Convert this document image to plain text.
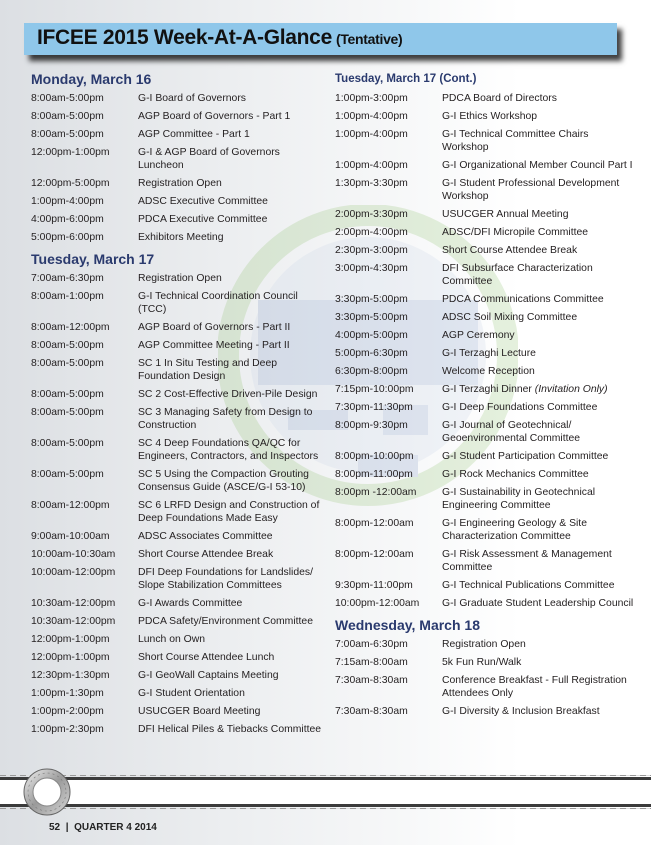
IFCEE 2015 Week-At-A-Glance (Tentative)
Monday, March 16
8:00am-5:00pm	G-I Board of Governors
8:00am-5:00pm	AGP Board of Governors - Part 1
8:00am-5:00pm	AGP Committee - Part 1
12:00pm-1:00pm	G-I & AGP Board of Governors Luncheon
12:00pm-5:00pm	Registration Open
1:00pm-4:00pm	ADSC Executive Committee
4:00pm-6:00pm	PDCA Executive Committee
5:00pm-6:00pm	Exhibitors Meeting
Tuesday, March 17
7:00am-6:30pm	Registration Open
8:00am-1:00pm	G-I Technical Coordination Council (TCC)
8:00am-12:00pm	AGP Board of Governors - Part II
8:00am-5:00pm	AGP Committee Meeting - Part II
8:00am-5:00pm	SC 1 In Situ Testing and Deep Foundation Design
8:00am-5:00pm	SC 2 Cost-Effective Driven-Pile Design
8:00am-5:00pm	SC 3 Managing Safety from Design to Construction
8:00am-5:00pm	SC 4 Deep Foundations QA/QC for Engineers, Contractors, and Inspectors
8:00am-5:00pm	SC 5 Using the Compaction Grouting Consensus Guide (ASCE/G-I 53-10)
8:00am-12:00pm	SC 6 LRFD Design and Construction of Deep Foundations Made Easy
9:00am-10:00am	ADSC Associates Committee
10:00am-10:30am	Short Course Attendee Break
10:00am-12:00pm	DFI Deep Foundations for Landslides/ Slope Stabilization Committees
10:30am-12:00pm	G-I Awards Committee
10:30am-12:00pm	PDCA Safety/Environment Committee
12:00pm-1:00pm	Lunch on Own
12:00pm-1:00pm	Short Course Attendee Lunch
12:30pm-1:30pm	G-I GeoWall Captains Meeting
1:00pm-1:30pm	G-I Student Orientation
1:00pm-2:00pm	USUCGER Board Meeting
1:00pm-2:30pm	DFI Helical Piles & Tiebacks Committee
Tuesday, March 17 (Cont.)
1:00pm-3:00pm	PDCA Board of Directors
1:00pm-4:00pm	G-I Ethics Workshop
1:00pm-4:00pm	G-I Technical Committee Chairs Workshop
1:00pm-4:00pm	G-I Organizational Member Council Part I
1:30pm-3:30pm	G-I Student Professional Development Workshop
2:00pm-3:30pm	USUCGER Annual Meeting
2:00pm-4:00pm	ADSC/DFI Micropile Committee
2:30pm-3:00pm	Short Course Attendee Break
3:00pm-4:30pm	DFI Subsurface Characterization Committee
3:30pm-5:00pm	PDCA Communications Committee
3:30pm-5:00pm	ADSC Soil Mixing Committee
4:00pm-5:00pm	AGP Ceremony
5:00pm-6:30pm	G-I Terzaghi Lecture
6:30pm-8:00pm	Welcome Reception
7:15pm-10:00pm	G-I Terzaghi Dinner (Invitation Only)
7:30pm-11:30pm	G-I Deep Foundations Committee
8:00pm-9:30pm	G-I Journal of Geotechnical/ Geoenvironmental Committee
8:00pm-10:00pm	G-I Student Participation Committee
8:00pm-11:00pm	G-I Rock Mechanics Committee
8:00pm -12:00am	G-I Sustainability in Geotechnical Engineering Committee
8:00pm-12:00am	G-I Engineering Geology & Site Characterization Committee
8:00pm-12:00am	G-I Risk Assessment & Management Committee
9:30pm-11:00pm	G-I Technical Publications Committee
10:00pm-12:00am	G-I Graduate Student Leadership Council
Wednesday, March 18
7:00am-6:30pm	Registration Open
7:15am-8:00am	5k Fun Run/Walk
7:30am-8:30am	Conference Breakfast - Full Registration Attendees Only
7:30am-8:30am	G-I Diversity & Inclusion Breakfast
52 | QUARTER 4 2014
